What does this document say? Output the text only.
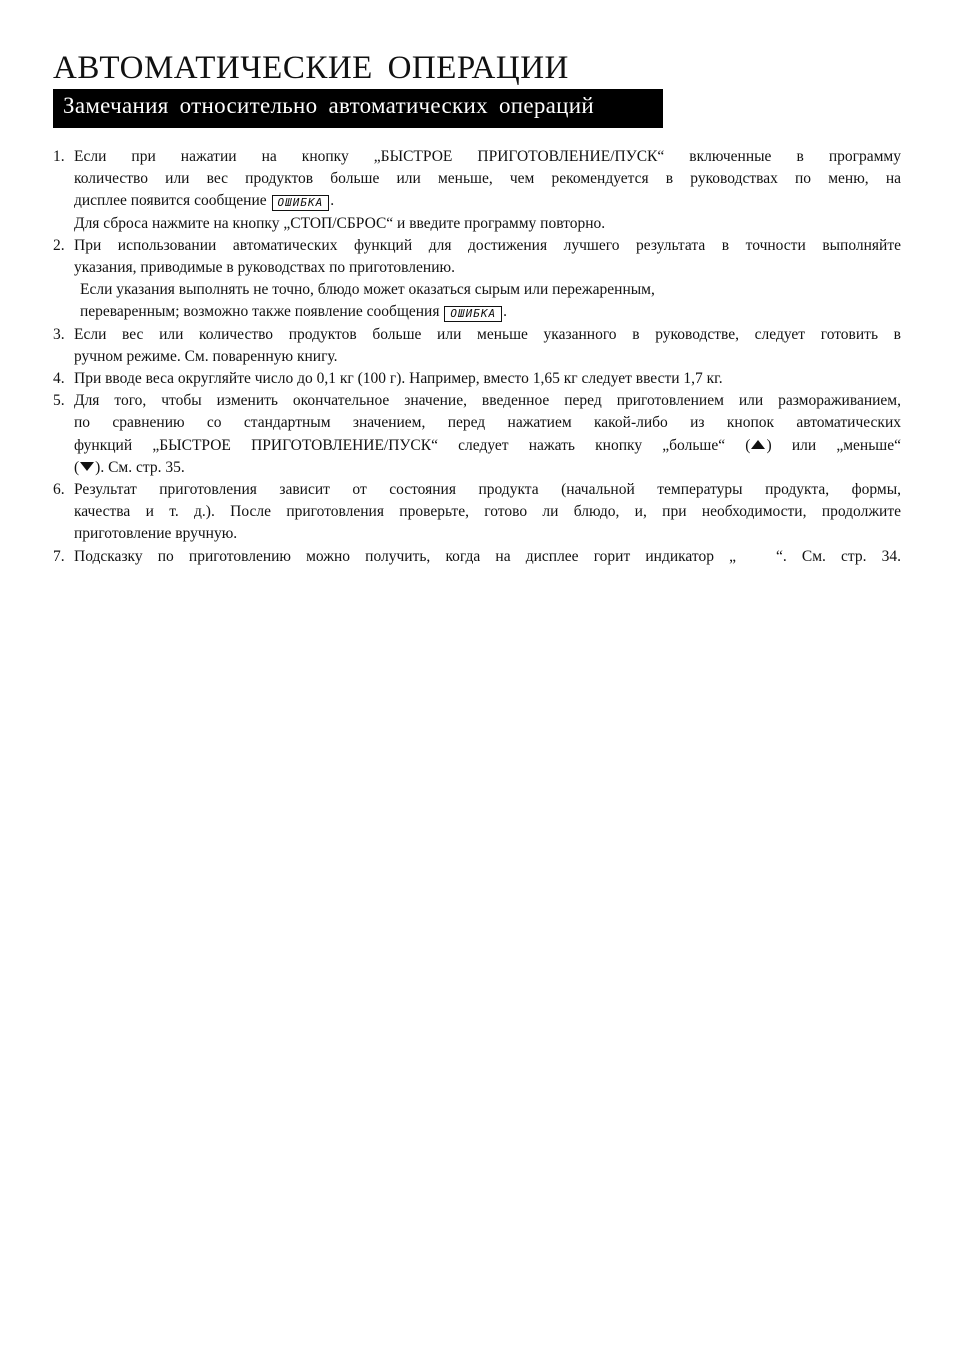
АВТОМАТИЧЕСКИЕ ОПЕРАЦИИ
Замечания относительно автоматических операций
1. Если при нажатии на кнопку „БЫСТРОЕ ПРИГОТОВЛЕНИЕ/ПУСК“ включенные в программу
количество или вес продуктов больше или меньше, чем рекомендуется в руководствах по меню, на
дисплее появится сообщение ОШИБКА .
Для сброса нажмите на кнопку „СТОП/СБРОС“ и введите программу повторно.
2. При использовании автоматических функций для достижения лучшего результата в точности выполняйте
указания, приводимые в руководствах по приготовлению.
Если указания выполнять не точно, блюдо может оказаться сырым или пережаренным,
переваренным; возможно также появление сообщения ОШИБКА .
3. Если вес или количество продуктов больше или меньше указанного в руководстве, следует готовить в
ручном режиме. См. поваренную книгу.
4. При вводе веса округляйте число до 0,1 кг (100 г). Например, вместо 1,65 кг следует ввести 1,7 кг.
5. Для того, чтобы изменить окончательное значение, введенное перед приготовлением или размораживанием,
по сравнению со стандартным значением, перед нажатием какой-либо из кнопок автоматических
функций „БЫСТРОЕ ПРИГОТОВЛЕНИЕ/ПУСК“ следует нажать кнопку „больше“ ( ) или „меньше“
( ). См. стр. 35.
6. Результат приготовления зависит от состояния продукта (начальной температуры продукта, формы,
качества и т. д.). После приготовления проверьте, готово ли блюдо, и, при необходимости, продолжите
приготовление вручную.
7. Подсказку по приготовлению можно получить, когда на дисплее горит индикатор „	“. См. стр. 34.
